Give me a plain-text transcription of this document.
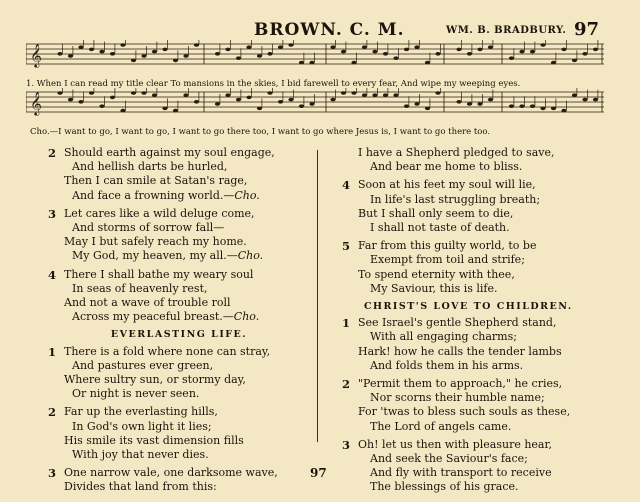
BROWN. C. M.	WM. B. BRADBURY. 97
𝄞
1. When I can read my title clear To mansions in the skies, I bid farewell to every fear, And wipe my weeping eyes.
𝄞
Cho.—I want to go, I want to go, I want to go there too, I want to go where Jesus is, I want to go there too.
2 Should earth against my soul engage,
And hellish darts be hurled,
Then I can smile at Satan's rage,
And face a frowning world.—Cho.
3 Let cares like a wild deluge come,
And storms of sorrow fall—
May I but safely reach my home.
My God, my heaven, my all.—Cho.
4 There I shall bathe my weary soul
In seas of heavenly rest,
And not a wave of trouble roll
Across my peaceful breast.—Cho.
EVERLASTING LIFE.
1 There is a fold where none can stray,
And pastures ever green,
Where sultry sun, or stormy day,
Or night is never seen.
2 Far up the everlasting hills,
In God's own light it lies;
His smile its vast dimension fills
With joy that never dies.
3 One narrow vale, one darksome wave,
Divides that land from this:
I have a Shepherd pledged to save,
And bear me home to bliss.
4 Soon at his feet my soul will lie,
In life's last struggling breath;
But I shall only seem to die,
I shall not taste of death.
5 Far from this guilty world, to be
Exempt from toil and strife;
To spend eternity with thee,
My Saviour, this is life.
CHRIST'S LOVE TO CHILDREN.
1 See Israel's gentle Shepherd stand,
With all engaging charms;
Hark! how he calls the tender lambs
And folds them in his arms.
2 "Permit them to approach," he cries,
Nor scorns their humble name;
For 'twas to bless such souls as these,
The Lord of angels came.
3 Oh! let us then with pleasure hear,
And seek the Saviour's face;
And fly with transport to receive
The blessings of his grace.
97
